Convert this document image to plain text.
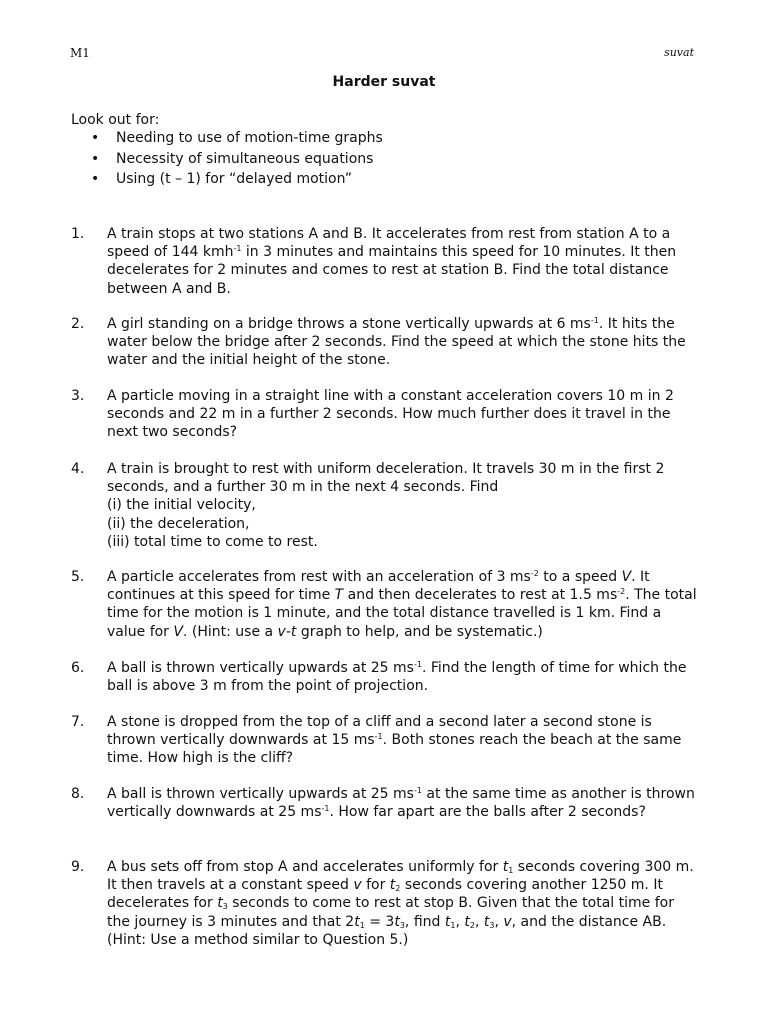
M1	suvat
Harder suvat
Look out for:
• Needing to use of motion-time graphs
• Necessity of simultaneous equations
• Using (t – 1) for “delayed motion”
1. A train stops at two stations A and B. It accelerates from rest from station A to a speed of 144 kmh$^{-1}$ in 3 minutes and maintains this speed for 10 minutes. It then decelerates for 2 minutes and comes to rest at station B. Find the total distance between A and B.
2. A girl standing on a bridge throws a stone vertically upwards at 6 $ms^{-1}$. It hits the water below the bridge after 2 seconds. Find the speed at which the stone hits the water and the initial height of the stone.
3. A particle moving in a straight line with a constant acceleration covers 10 m in 2 seconds and 22 m in a further 2 seconds. How much further does it travel in the next two seconds?
4. A train is brought to rest with uniform deceleration. It travels 30 m in the first 2 seconds, and a further 30 m in the next 4 seconds. Find
(i) the initial velocity,
(ii) the deceleration,
(iii) total time to come to rest.
5. A particle accelerates from rest with an acceleration of 3 $ms^{-2}$ to a speed V. It continues at this speed for time T and then decelerates to rest at 1.5 $ms^{-2}$. The total time for the motion is 1 minute, and the total distance travelled is 1 km. Find a value for V. (Hint: use a v-t graph to help, and be systematic.)
6. A ball is thrown vertically upwards at 25 $ms^{-1}$. Find the length of time for which the ball is above 3 m from the point of projection.
7. A stone is dropped from the top of a cliff and a second later a second stone is thrown vertically downwards at 15 $ms^{-1}$. Both stones reach the beach at the same time. How high is the cliff?
8. A ball is thrown vertically upwards at 25 $ms^{-1}$ at the same time as another is thrown vertically downwards at 25 $ms^{-1}$. How far apart are the balls after 2 seconds?
9. A bus sets off from stop A and accelerates uniformly for $t_1$ seconds covering 300 m. It then travels at a constant speed v for $t_2$ seconds covering another 1250 m. It decelerates for $t_3$ seconds to come to rest at stop B. Given that the total time for the journey is 3 minutes and that $2t_1 = 3t_3$, find $t_1$, $t_2$, $t_3$, v, and the distance AB. (Hint: Use a method similar to Question 5.)
